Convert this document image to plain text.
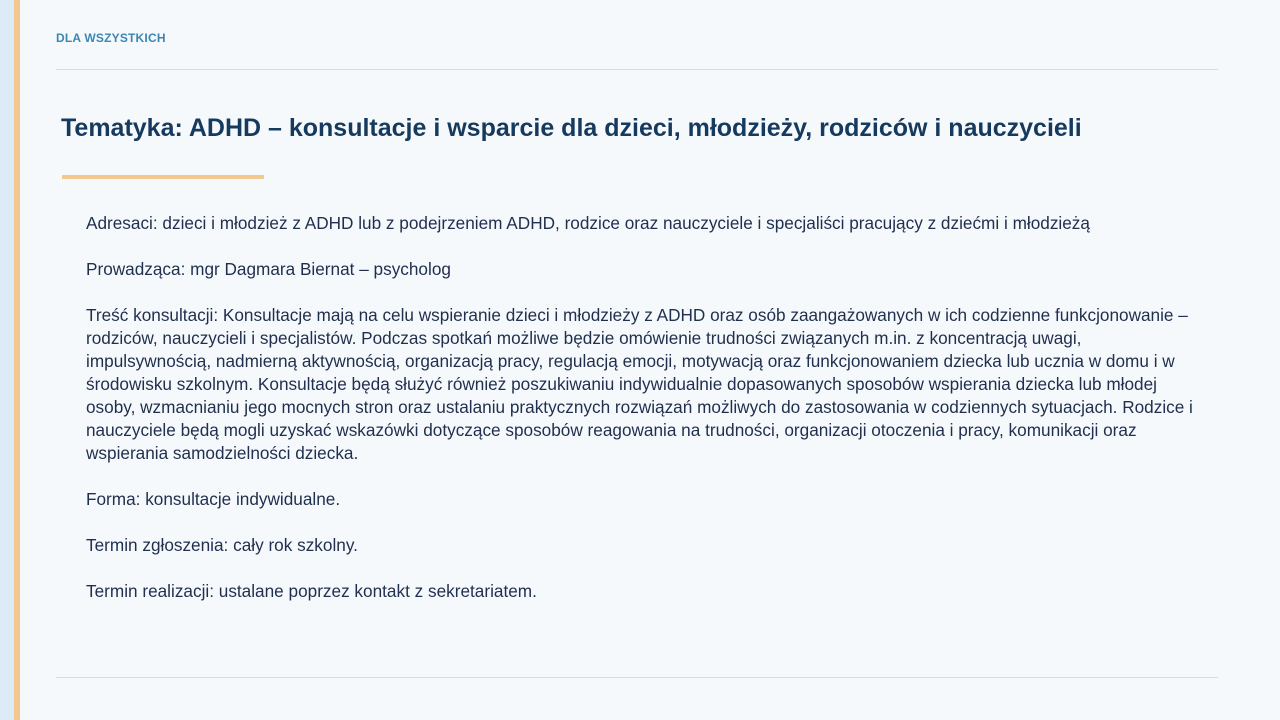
DLA WSZYSTKICH
Tematyka: ADHD – konsultacje i wsparcie dla dzieci, młodzieży, rodziców i nauczycieli

Adresaci: dzieci i młodzież z ADHD lub z podejrzeniem ADHD, rodzice oraz nauczyciele i specjaliści pracujący z dziećmi i młodzieżą

Prowadząca: mgr Dagmara Biernat – psycholog

Treść konsultacji: Konsultacje mają na celu wspieranie dzieci i młodzieży z ADHD oraz osób zaangażowanych w ich codzienne funkcjonowanie – rodziców, nauczycieli i specjalistów. Podczas spotkań możliwe będzie omówienie trudności związanych m.in. z koncentracją uwagi, impulsywnością, nadmierną aktywnością, organizacją pracy, regulacją emocji, motywacją oraz funkcjonowaniem dziecka lub ucznia w domu i w środowisku szkolnym. Konsultacje będą służyć również poszukiwaniu indywidualnie dopasowanych sposobów wspierania dziecka lub młodej osoby, wzmacnianiu jego mocnych stron oraz ustalaniu praktycznych rozwiązań możliwych do zastosowania w codziennych sytuacjach. Rodzice i nauczyciele będą mogli uzyskać wskazówki dotyczące sposobów reagowania na trudności, organizacji otoczenia i pracy, komunikacji oraz wspierania samodzielności dziecka.

Forma: konsultacje indywidualne.

Termin zgłoszenia: cały rok szkolny.

Termin realizacji: ustalane poprzez kontakt z sekretariatem.
